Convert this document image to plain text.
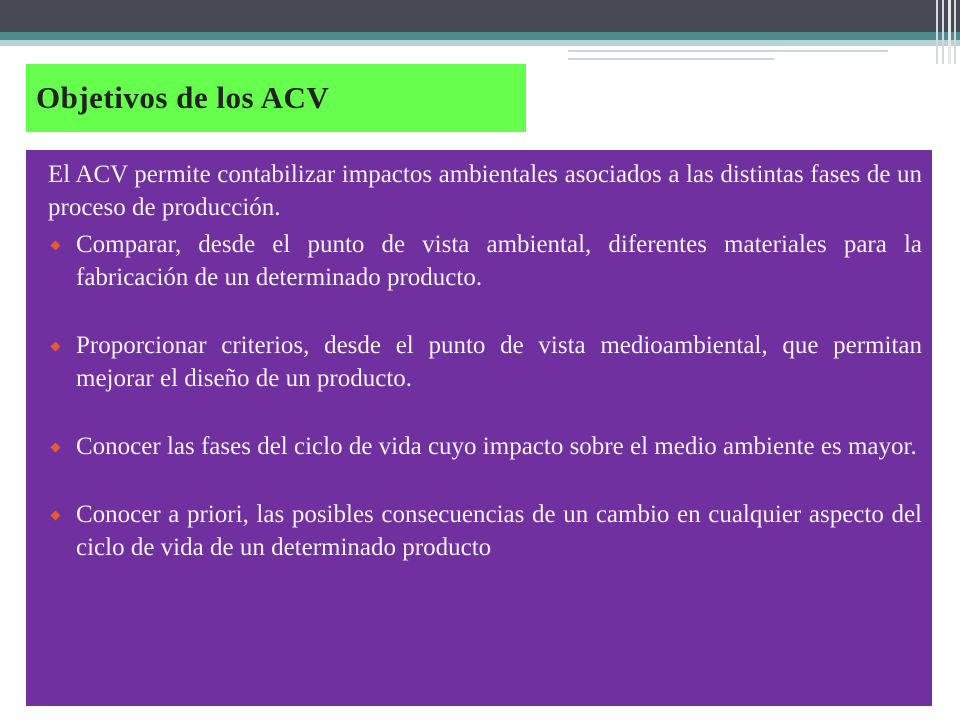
Objetivos de los ACV

El ACV permite contabilizar impactos ambientales asociados a las distintas fases de un proceso de producción.

Comparar, desde el punto de vista ambiental, diferentes materiales para la fabricación de un determinado producto.
Proporcionar criterios, desde el punto de vista medioambiental, que permitan mejorar el diseño de un producto.
Conocer las fases del ciclo de vida cuyo impacto sobre el medio ambiente es mayor.
Conocer a priori, las posibles consecuencias de un cambio en cualquier aspecto del ciclo de vida de un determinado producto
